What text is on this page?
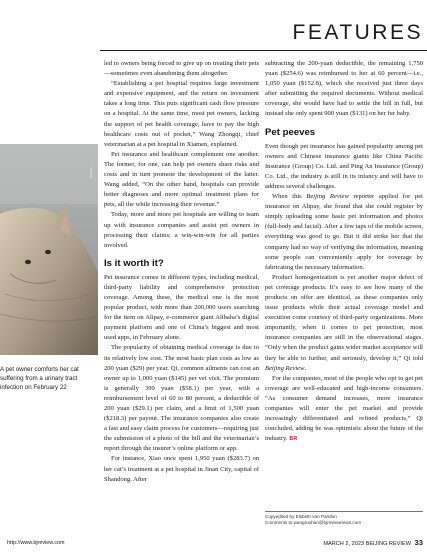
FEATURES
XINHUA
A pet owner comforts her cat suffering from a urinary tract infection on February 22

led to owners being forced to give up on treating their pets—sometimes even abandoning them altogether.

“Establishing a pet hospital requires large investment and expensive equipment, and the return on investment takes a long time. This puts significant cash flow pressure on a hospital. At the same time, most pet owners, lacking the support of pet health coverage, have to pay the high healthcare costs out of pocket,” Wang Zhongqi, chief veterinarian at a pet hospital in Xiamen, explained.

Pet insurance and healthcare complement one another. The former, for one, can help pet owners share risks and costs and in turn promote the development of the latter. Wang added, “On the other hand, hospitals can provide better diagnoses and more optimal treatment plans for pets, all the while increasing their revenue.”

Today, more and more pet hospitals are willing to team up with insurance companies and assist pet owners in processing their claims; a win-win-win for all parties involved.

Is it worth it?

Pet insurance comes in different types, including medical, third-party liability and comprehensive protection coverage. Among these, the medical one is the most popular product, with more than 200,000 users searching for the item on Alipay, e-commerce giant Alibaba’s digital payment platform and one of China’s biggest and most used apps, in February alone.

The popularity of obtaining medical coverage is due to its relatively low cost. The most basic plan costs as low as 200 yuan ($29) per year. Qi, common ailments can cost an owner up to 1,000 yuan ($145) per vet visit. The premium is generally 399 yuan ($58.1) per year, with a reimbursement level of 60 to 80 percent, a deductible of 200 yuan ($29.1) per claim, and a limit of 1,500 yuan ($218.3) per payout. The insurance companies also create a fast and easy claim process for customers—requiring just the submission of a photo of the bill and the veterinarian’s report through the insurer’s online platform or app.

For instance, Xiao once spent 1,950 yuan ($283.7) on her cat’s treatment at a pet hospital in Jinan City, capital of Shandong. After

subtracting the 200-yuan deductible, the remaining 1,750 yuan ($254.6) was reimbursed to her at 60 percent—i.e., 1,050 yuan ($152.8), which she received just three days after submitting the required documents. Without medical coverage, she would have had to settle the bill in full, but instead she only spent 900 yuan ($131) on her fur baby.

Pet peeves

Even though pet insurance has gained popularity among pet owners and Chinese insurance giants like China Pacific Insurance (Group) Co. Ltd. and Ping An Insurance (Group) Co. Ltd., the industry is still in its infancy and will have to address several challenges.

When this Beijing Review reporter applied for pet insurance on Alipay, she found that she could register by simply uploading some basic pet information and photos (full-body and facial). After a few taps of the mobile screen, everything was good to go. But it did strike her that the company had no way of verifying the information, meaning some people can conveniently apply for coverage by fabricating the necessary information.

Product homogenization is yet another major defect of pet coverage products. It’s easy to see how many of the products on offer are identical, as these companies only issue products while their actual coverage model and execution come courtesy of third-party organizations. More importantly, when it comes to pet protection, most insurance companies are still in the observational stages. “Only when the product gains wider market acceptance will they be able to further, and seriously, develop it,” Qi told Beijing Review.

For the companies, most of the people who opt to get pet coverage are well-educated and high-income consumers. “As consumer demand increases, more insurance companies will enter the pet market and provide increasingly differentiated and refined products,” Qi concluded, adding he was optimistic about the future of the industry. BR

Copyedited by Elsbeth van Paridon
Comments to wangruohan@bjreviewnews.com
http://www.bjreview.com	MARCH 2, 2023 BEIJING REVIEW 33
